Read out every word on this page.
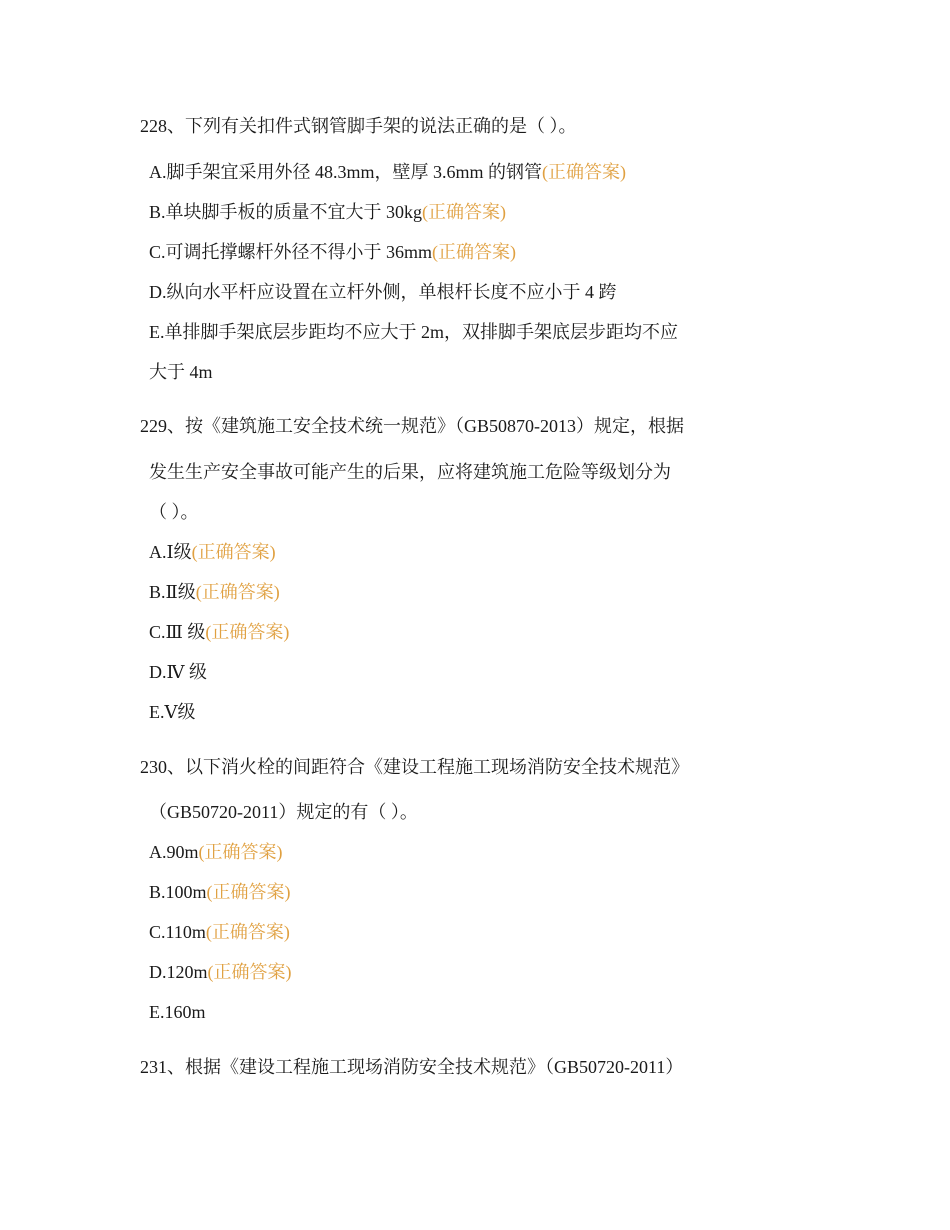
228、下列有关扣件式钢管脚手架的说法正确的是（ ）。
A.脚手架宜采用外径 48.3mm，壁厚 3.6mm 的钢管(正确答案)
B.单块脚手板的质量不宜大于 30kg(正确答案)
C.可调托撑螺杆外径不得小于 36mm(正确答案)
D.纵向水平杆应设置在立杆外侧，单根杆长度不应小于 4 跨
E.单排脚手架底层步距均不应大于 2m，双排脚手架底层步距均不应
大于 4m
229、按《建筑施工安全技术统一规范》（GB50870-2013）规定，根据
发生生产安全事故可能产生的后果，应将建筑施工危险等级划分为
（ ）。
A.Ⅰ级(正确答案)
B.Ⅱ级(正确答案)
C.Ⅲ 级(正确答案)
D.Ⅳ 级
E.Ⅴ级
230、以下消火栓的间距符合《建设工程施工现场消防安全技术规范》
（GB50720-2011）规定的有（ ）。
A.90m(正确答案)
B.100m(正确答案)
C.110m(正确答案)
D.120m(正确答案)
E.160m
231、根据《建设工程施工现场消防安全技术规范》（GB50720-2011）
